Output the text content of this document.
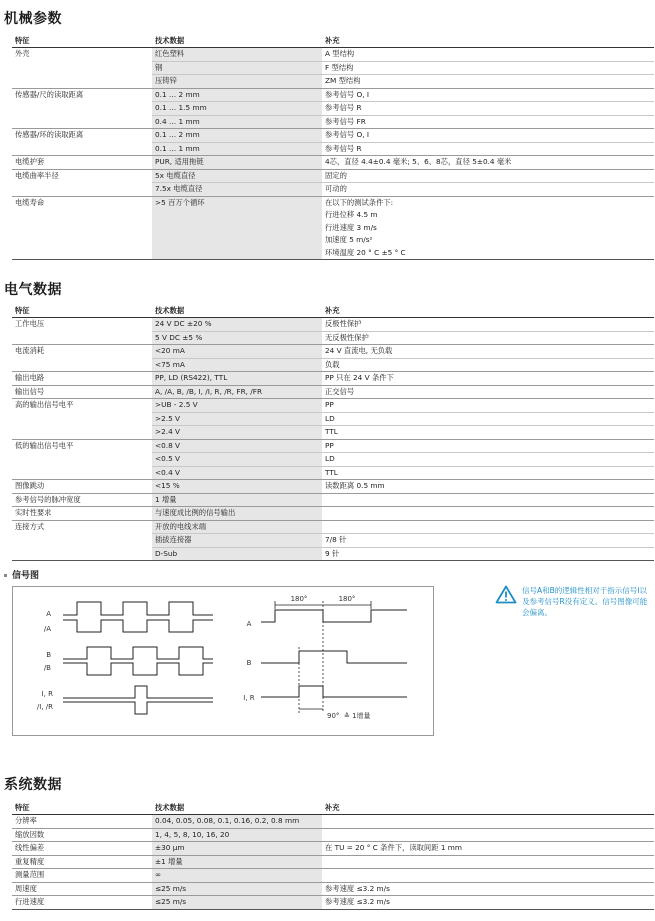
机械参数
特征	技术数据	补充
外壳	红色塑料	A 型结构
	钢	F 型结构
	压铸锌	ZM 型结构
传感器/尺的读取距离	0.1 … 2 mm	参考信号 O, I
	0.1 … 1.5 mm	参考信号 R
	0.4 … 1 mm	参考信号 FR
传感器/环的读取距离	0.1 … 2 mm	参考信号 O, I
	0.1 … 1 mm	参考信号 R
电缆护套	PUR, 适用拖链	4芯，直径 4.4±0.4 毫米; 5、6、8芯，直径 5±0.4 毫米
电缆曲率半径	5x 电缆直径	固定的
	7.5x 电缆直径	可动的
电缆寿命	>5 百万个循环	在以下的测试条件下:
		行进位移 4.5 m
		行进速度 3 m/s
		加速度 5 m/s²
		环境温度 20 ° C ±5 ° C
电气数据
特征	技术数据	补充
工作电压	24 V DC ±20 %	反极性保护
	5 V DC ±5 %	无反极性保护
电流消耗	<20 mA	24 V 直流电, 无负载
	<75 mA	负载
输出电路	PP, LD (RS422), TTL	PP 只在 24 V 条件下
输出信号	A, /A, B, /B, I, /I, R, /R, FR, /FR	正交信号
高的输出信号电平	>UB - 2.5 V	PP
	>2.5 V	LD
	>2.4 V	TTL
低的输出信号电平	<0.8 V	PP
	<0.5 V	LD
	<0.4 V	TTL
图像跳动	<15 %	读数距离 0.5 mm
参考信号的脉冲宽度	1 增量	
实时性要求	与速度成比例的信号输出	
连接方式	开放的电线末端	
	插拔连接器	7/8 针
	D-Sub	9 针
信号图
A
/A
B
/B
I, R
/I, /R
A
B
I, R
180°	180°
90° ≙ 1增量
信号A和B的逻辑性相对于指示信号I以及参考信号R没有定义。信号图像可能会偏离。
系统数据
特征	技术数据	补充
分辨率	0.04, 0.05, 0.08, 0.1, 0.16, 0.2, 0.8 mm	
缩放因数	1, 4, 5, 8, 10, 16, 20	
线性偏差	±30 µm	在 TU = 20 ° C 条件下，读取间距 1 mm
重复精度	±1 增量	
测量范围	∞	
周速度	≤25 m/s	参考速度 ≤3.2 m/s
行进速度	≤25 m/s	参考速度 ≤3.2 m/s
